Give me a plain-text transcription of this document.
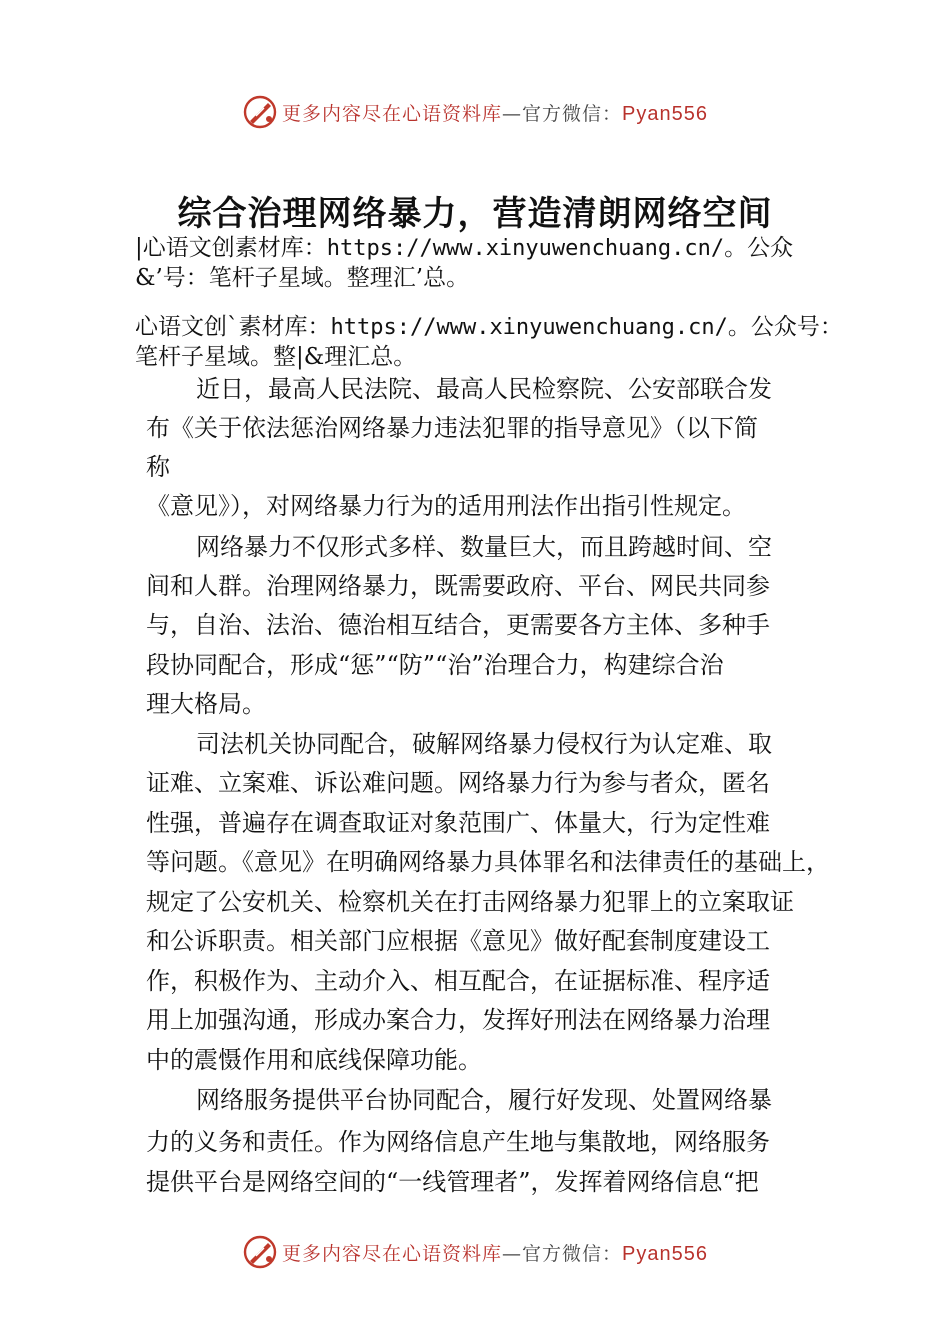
更多内容尽在心语资料库—官方微信：Pyan556
综合治理网络暴力，营造清朗网络空间
|心语文创素材库：https://www.xinyuwenchuang.cn/。公众
&’号：笔杆子星域。整理汇’总。
心语文创`素材库：https://www.xinyuwenchuang.cn/。公众号：
笔杆子星域。整|&理汇总。
近日，最高人民法院、最高人民检察院、公安部联合发
布《关于依法惩治网络暴力违法犯罪的指导意见》（以下简
称
《意见》），对网络暴力行为的适用刑法作出指引性规定。
网络暴力不仅形式多样、数量巨大，而且跨越时间、空
间和人群。治理网络暴力，既需要政府、平台、网民共同参
与，自治、法治、德治相互结合，更需要各方主体、多种手
段协同配合，形成“惩”“防”“治”治理合力，构建综合治
理大格局。
司法机关协同配合，破解网络暴力侵权行为认定难、取
证难、立案难、诉讼难问题。网络暴力行为参与者众，匿名
性强，普遍存在调查取证对象范围广、体量大，行为定性难
等问题。《意见》在明确网络暴力具体罪名和法律责任的基础上，
规定了公安机关、检察机关在打击网络暴力犯罪上的立案取证
和公诉职责。相关部门应根据《意见》做好配套制度建设工
作，积极作为、主动介入、相互配合，在证据标准、程序适
用上加强沟通，形成办案合力，发挥好刑法在网络暴力治理
中的震慑作用和底线保障功能。
网络服务提供平台协同配合，履行好发现、处置网络暴
力的义务和责任。作为网络信息产生地与集散地，网络服务
提供平台是网络空间的“一线管理者”，发挥着网络信息“把
更多内容尽在心语资料库—官方微信：Pyan556
